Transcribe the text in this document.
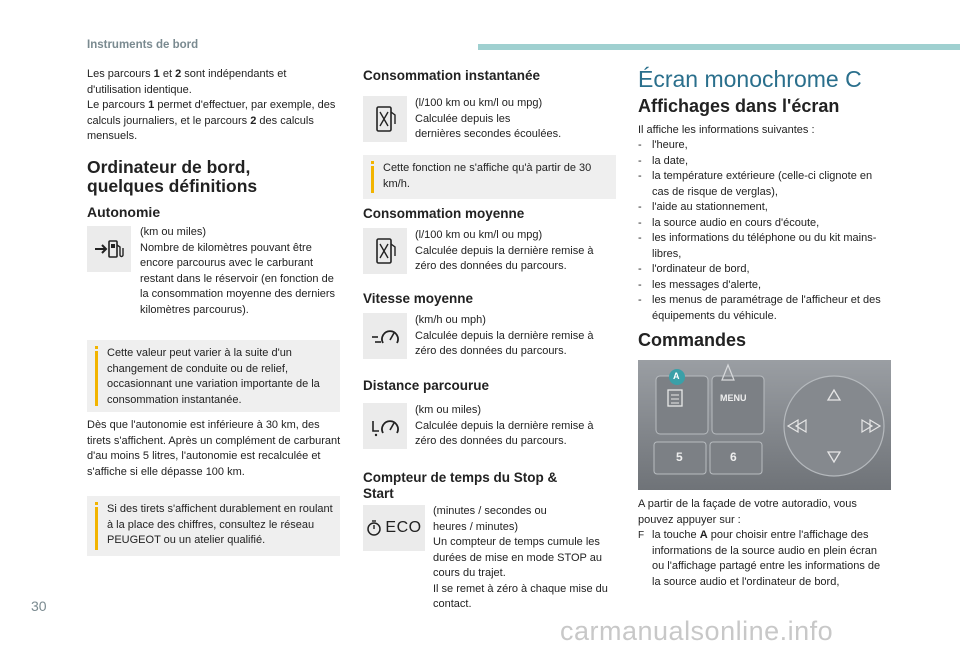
Instruments de bord
Les parcours 1 et 2 sont indépendants et d'utilisation identique.
Le parcours 1 permet d'effectuer, par exemple, des calculs journaliers, et le parcours 2 des calculs mensuels.
Ordinateur de bord,
quelques définitions
Autonomie
(km ou miles)
Nombre de kilomètres pouvant être encore parcourus avec le carburant restant dans le réservoir (en fonction de la consommation moyenne des derniers kilomètres parcourus).
Cette valeur peut varier à la suite d'un changement de conduite ou de relief, occasionnant une variation importante de la consommation instantanée.
Dès que l'autonomie est inférieure à 30 km, des tirets s'affichent. Après un complément de carburant d'au moins 5 litres, l'autonomie est recalculée et s'affiche si elle dépasse 100 km.
Si des tirets s'affichent durablement en roulant à la place des chiffres, consultez le réseau PEUGEOT ou un atelier qualifié.
Consommation instantanée
(l/100 km ou km/l ou mpg)
Calculée depuis les
dernières secondes écoulées.
Cette fonction ne s'affiche qu'à partir de 30 km/h.
Consommation moyenne
(l/100 km ou km/l ou mpg)
Calculée depuis la dernière remise à zéro des données du parcours.
Vitesse moyenne
(km/h ou mph)
Calculée depuis la dernière remise à zéro des données du parcours.
Distance parcourue
(km ou miles)
Calculée depuis la dernière remise à zéro des données du parcours.
Compteur de temps du Stop &
Start
ECO
(minutes / secondes ou
heures / minutes)
Un compteur de temps cumule les durées de mise en mode STOP au cours du trajet.
Il se remet à zéro à chaque mise du contact.
Écran monochrome C
Affichages dans l'écran
Il affiche les informations suivantes :
- l'heure,
- la date,
- la température extérieure (celle-ci clignote en cas de risque de verglas),
- l'aide au stationnement,
- la source audio en cours d'écoute,
- les informations du téléphone ou du kit mains-libres,
- l'ordinateur de bord,
- les messages d'alerte,
- les menus de paramétrage de l'afficheur et des équipements du véhicule.
Commandes
A
MENU
5	6
A partir de la façade de votre autoradio, vous pouvez appuyer sur :
F la touche A pour choisir entre l'affichage des informations de la source audio en plein écran ou l'affichage partagé entre les informations de la source audio et l'ordinateur de bord,
30
carmanualsonline.info
